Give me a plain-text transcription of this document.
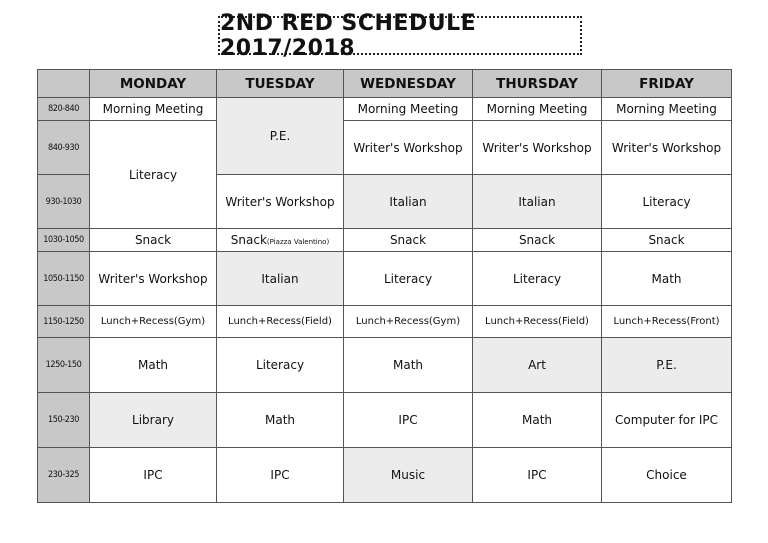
2ND RED SCHEDULE 2017/2018
	MONDAY	TUESDAY	WEDNESDAY	THURSDAY	FRIDAY
820-840	Morning Meeting	P.E.	Morning Meeting	Morning Meeting	Morning Meeting
840-930	Literacy		Writer's Workshop	Writer's Workshop	Writer's Workshop
930-1030		Writer's Workshop	Italian	Italian	Literacy
1030-1050	Snack	Snack(Piazza Valentino)	Snack	Snack	Snack
1050-1150	Writer's Workshop	Italian	Literacy	Literacy	Math
1150-1250	Lunch+Recess(Gym)	Lunch+Recess(Field)	Lunch+Recess(Gym)	Lunch+Recess(Field)	Lunch+Recess(Front)
1250-150	Math	Literacy	Math	Art	P.E.
150-230	Library	Math	IPC	Math	Computer for IPC
230-325	IPC	IPC	Music	IPC	Choice
